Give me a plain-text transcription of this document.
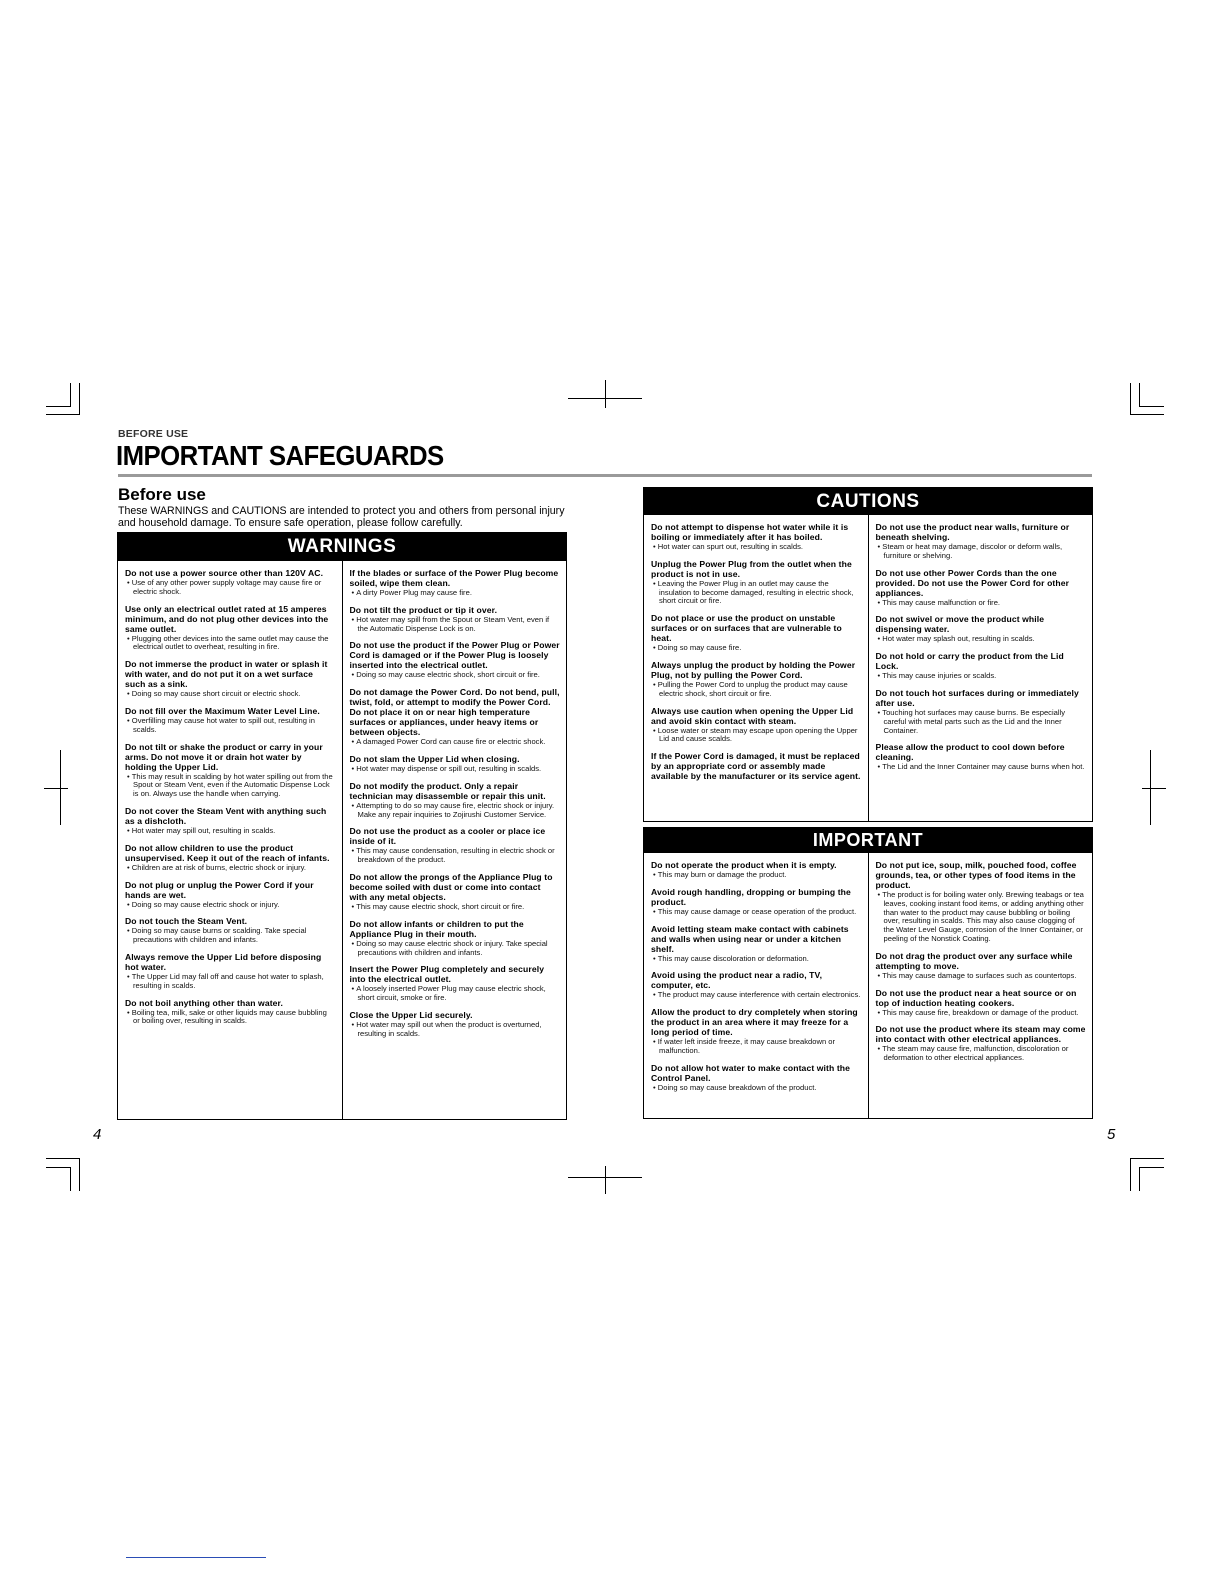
BEFORE USE
IMPORTANT SAFEGUARDS
Before use
These WARNINGS and CAUTIONS are intended to protect you and others from personal injury and household damage. To ensure safe operation, please follow carefully.
WARNINGS
Do not use a power source other than 120V AC.
• Use of any other power supply voltage may cause fire or electric shock.
Use only an electrical outlet rated at 15 amperes minimum, and do not plug other devices into the same outlet.
• Plugging other devices into the same outlet may cause the electrical outlet to overheat, resulting in fire.
Do not immerse the product in water or splash it with water, and do not put it on a wet surface such as a sink.
• Doing so may cause short circuit or electric shock.
Do not fill over the Maximum Water Level Line.
• Overfilling may cause hot water to spill out, resulting in scalds.
Do not tilt or shake the product or carry in your arms. Do not move it or drain hot water by holding the Upper Lid.
• This may result in scalding by hot water spilling out from the Spout or Steam Vent, even if the Automatic Dispense Lock is on. Always use the handle when carrying.
Do not cover the Steam Vent with anything such as a dishcloth.
• Hot water may spill out, resulting in scalds.
Do not allow children to use the product unsupervised. Keep it out of the reach of infants.
• Children are at risk of burns, electric shock or injury.
Do not plug or unplug the Power Cord if your hands are wet.
• Doing so may cause electric shock or injury.
Do not touch the Steam Vent.
• Doing so may cause burns or scalding. Take special precautions with children and infants.
Always remove the Upper Lid before disposing hot water.
• The Upper Lid may fall off and cause hot water to splash, resulting in scalds.
Do not boil anything other than water.
• Boiling tea, milk, sake or other liquids may cause bubbling or boiling over, resulting in scalds.
If the blades or surface of the Power Plug become soiled, wipe them clean.
• A dirty Power Plug may cause fire.
Do not tilt the product or tip it over.
• Hot water may spill from the Spout or Steam Vent, even if the Automatic Dispense Lock is on.
Do not use the product if the Power Plug or Power Cord is damaged or if the Power Plug is loosely inserted into the electrical outlet.
• Doing so may cause electric shock, short circuit or fire.
Do not damage the Power Cord. Do not bend, pull, twist, fold, or attempt to modify the Power Cord. Do not place it on or near high temperature surfaces or appliances, under heavy items or between objects.
• A damaged Power Cord can cause fire or electric shock.
Do not slam the Upper Lid when closing.
• Hot water may dispense or spill out, resulting in scalds.
Do not modify the product. Only a repair technician may disassemble or repair this unit.
• Attempting to do so may cause fire, electric shock or injury. Make any repair inquiries to Zojirushi Customer Service.
Do not use the product as a cooler or place ice inside of it.
• This may cause condensation, resulting in electric shock or breakdown of the product.
Do not allow the prongs of the Appliance Plug to become soiled with dust or come into contact with any metal objects.
• This may cause electric shock, short circuit or fire.
Do not allow infants or children to put the Appliance Plug in their mouth.
• Doing so may cause electric shock or injury. Take special precautions with children and infants.
Insert the Power Plug completely and securely into the electrical outlet.
• A loosely inserted Power Plug may cause electric shock, short circuit, smoke or fire.
Close the Upper Lid securely.
• Hot water may spill out when the product is overturned, resulting in scalds.
CAUTIONS
Do not attempt to dispense hot water while it is boiling or immediately after it has boiled.
• Hot water can spurt out, resulting in scalds.
Unplug the Power Plug from the outlet when the product is not in use.
• Leaving the Power Plug in an outlet may cause the insulation to become damaged, resulting in electric shock, short circuit or fire.
Do not place or use the product on unstable surfaces or on surfaces that are vulnerable to heat.
• Doing so may cause fire.
Always unplug the product by holding the Power Plug, not by pulling the Power Cord.
• Pulling the Power Cord to unplug the product may cause electric shock, short circuit or fire.
Always use caution when opening the Upper Lid and avoid skin contact with steam.
• Loose water or steam may escape upon opening the Upper Lid and cause scalds.
If the Power Cord is damaged, it must be replaced by an appropriate cord or assembly made available by the manufacturer or its service agent.
Do not use the product near walls, furniture or beneath shelving.
• Steam or heat may damage, discolor or deform walls, furniture or shelving.
Do not use other Power Cords than the one provided. Do not use the Power Cord for other appliances.
• This may cause malfunction or fire.
Do not swivel or move the product while dispensing water.
• Hot water may splash out, resulting in scalds.
Do not hold or carry the product from the Lid Lock.
• This may cause injuries or scalds.
Do not touch hot surfaces during or immediately after use.
• Touching hot surfaces may cause burns. Be especially careful with metal parts such as the Lid and the Inner Container.
Please allow the product to cool down before cleaning.
• The Lid and the Inner Container may cause burns when hot.
IMPORTANT
Do not operate the product when it is empty.
• This may burn or damage the product.
Avoid rough handling, dropping or bumping the product.
• This may cause damage or cease operation of the product.
Avoid letting steam make contact with cabinets and walls when using near or under a kitchen shelf.
• This may cause discoloration or deformation.
Avoid using the product near a radio, TV, computer, etc.
• The product may cause interference with certain electronics.
Allow the product to dry completely when storing the product in an area where it may freeze for a long period of time.
• If water left inside freeze, it may cause breakdown or malfunction.
Do not allow hot water to make contact with the Control Panel.
• Doing so may cause breakdown of the product.
Do not put ice, soup, milk, pouched food, coffee grounds, tea, or other types of food items in the product.
• The product is for boiling water only. Brewing teabags or tea leaves, cooking instant food items, or adding anything other than water to the product may cause bubbling or boiling over, resulting in scalds. This may also cause clogging of the Water Level Gauge, corrosion of the Inner Container, or peeling of the Nonstick Coating.
Do not drag the product over any surface while attempting to move.
• This may cause damage to surfaces such as countertops.
Do not use the product near a heat source or on top of induction heating cookers.
• This may cause fire, breakdown or damage of the product.
Do not use the product where its steam may come into contact with other electrical appliances.
• The steam may cause fire, malfunction, discoloration or deformation to other electrical appliances.
4	5
